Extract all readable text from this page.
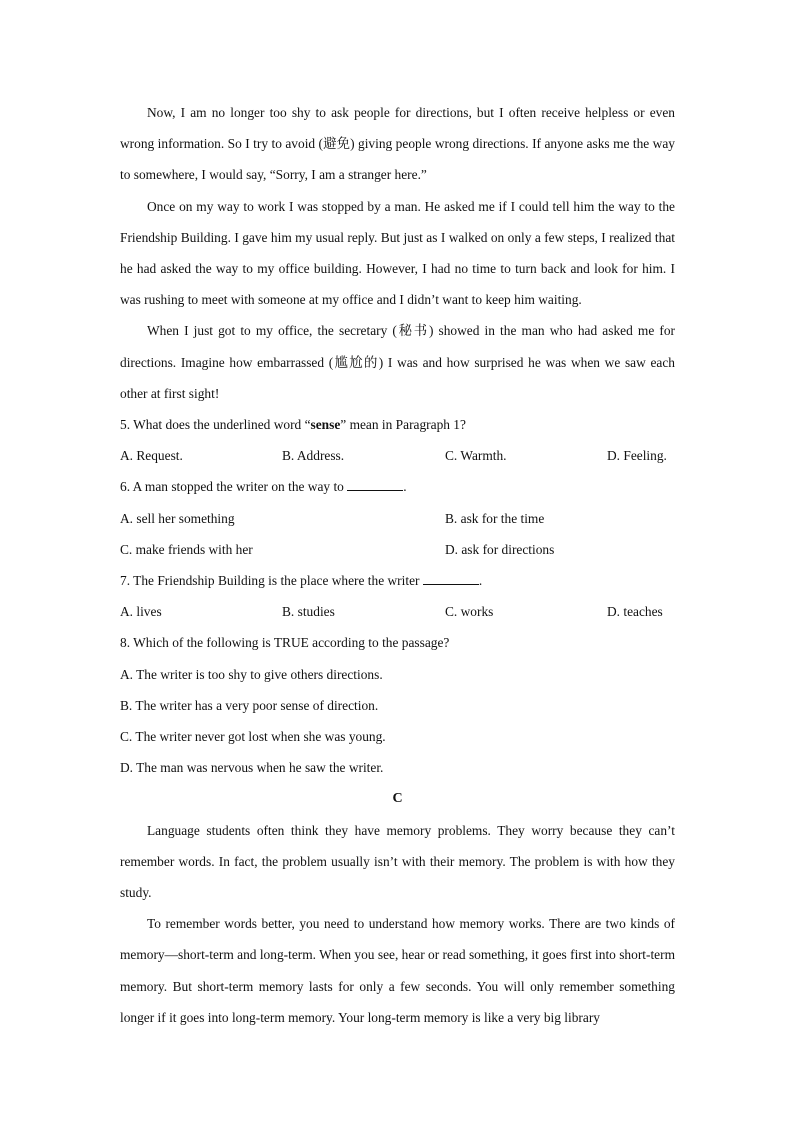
Now, I am no longer too shy to ask people for directions, but I often receive helpless or even wrong information. So I try to avoid (避免) giving people wrong directions. If anyone asks me the way to somewhere, I would say, “Sorry, I am a stranger here.”

Once on my way to work I was stopped by a man. He asked me if I could tell him the way to the Friendship Building. I gave him my usual reply. But just as I walked on only a few steps, I realized that he had asked the way to my office building. However, I had no time to turn back and look for him. I was rushing to meet with someone at my office and I didn’t want to keep him waiting.

When I just got to my office, the secretary (秘书) showed in the man who had asked me for directions. Imagine how embarrassed (尴尬的) I was and how surprised he was when we saw each other at first sight!

5. What does the underlined word “sense” mean in Paragraph 1?
A. Request.	B. Address.	C. Warmth.	D. Feeling.
6. A man stopped the writer on the way to	.
A. sell her something	B. ask for the time
C. make friends with her	D. ask for directions
7. The Friendship Building is the place where the writer	.
A. lives	B. studies	C. works	D. teaches
8. Which of the following is TRUE according to the passage?
A. The writer is too shy to give others directions.
B. The writer has a very poor sense of direction.
C. The writer never got lost when she was young.
D. The man was nervous when he saw the writer.

C

Language students often think they have memory problems. They worry because they can’t remember words. In fact, the problem usually isn’t with their memory. The problem is with how they study.

To remember words better, you need to understand how memory works. There are two kinds of memory—short-term and long-term. When you see, hear or read something, it goes first into short-term memory. But short-term memory lasts for only a few seconds. You will only remember something longer if it goes into long-term memory. Your long-term memory is like a very big library
